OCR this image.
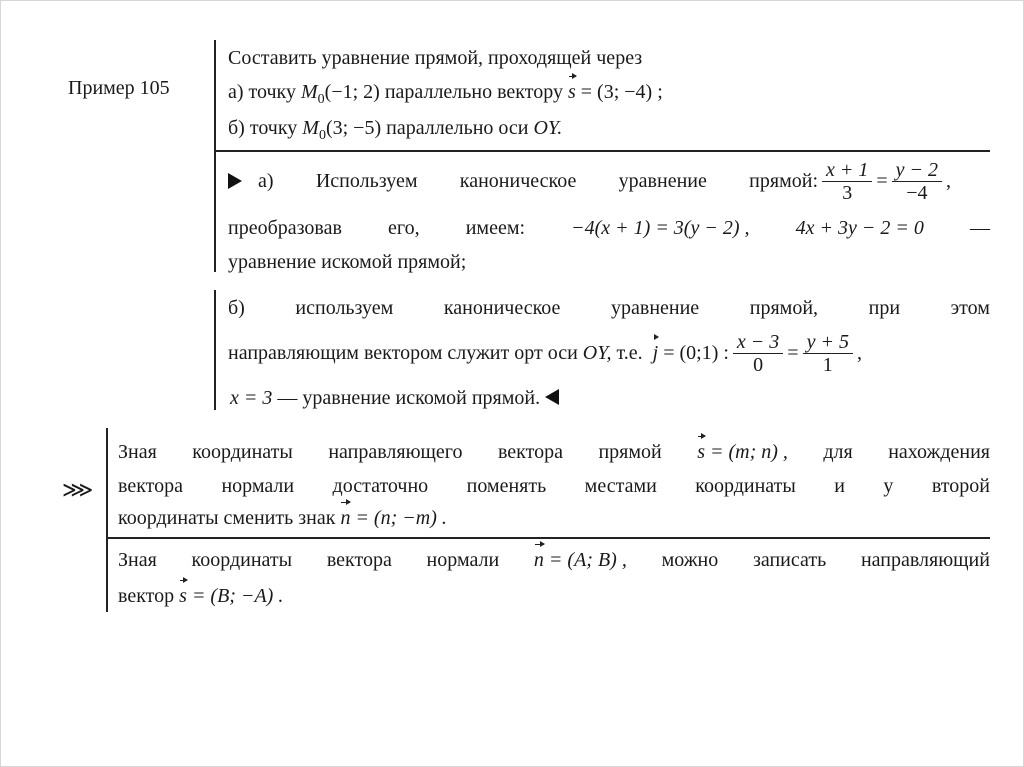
Пример 105
Составить уравнение прямой, проходящей через
а) точку $M_0(-1$; 2) параллельно вектору s = (3; −4) ;
б) точку $M_0(3$; −5) параллельно оси OY.
а) Используем каноническое уравнение прямой: $\frac{x + 1}{3} = \frac{y - 2}{-4}$ ,
преобразовав его, имеем: −4(x + 1) = 3(y − 2) , 4x + 3y − 2 = 0 —
уравнение искомой прямой;
б)	используем	каноническое	уравнение	прямой,	при	этом
направляющим вектором служит орт оси
OY,
т.е.
j
= (0;1) : $\frac{x - 3}{0} = \frac{y + 5}{1}$ ,
x = 3 — уравнение искомой прямой.
⋙
Зная координаты направляющего вектора прямой s = (m; n) , для нахождения
вектора нормали достаточно поменять местами координаты и у второй
координаты сменить знак n = (n; −m) .
Зная координаты вектора нормали n = (A; B) , можно записать направляющий
вектор s = (B; −A) .
